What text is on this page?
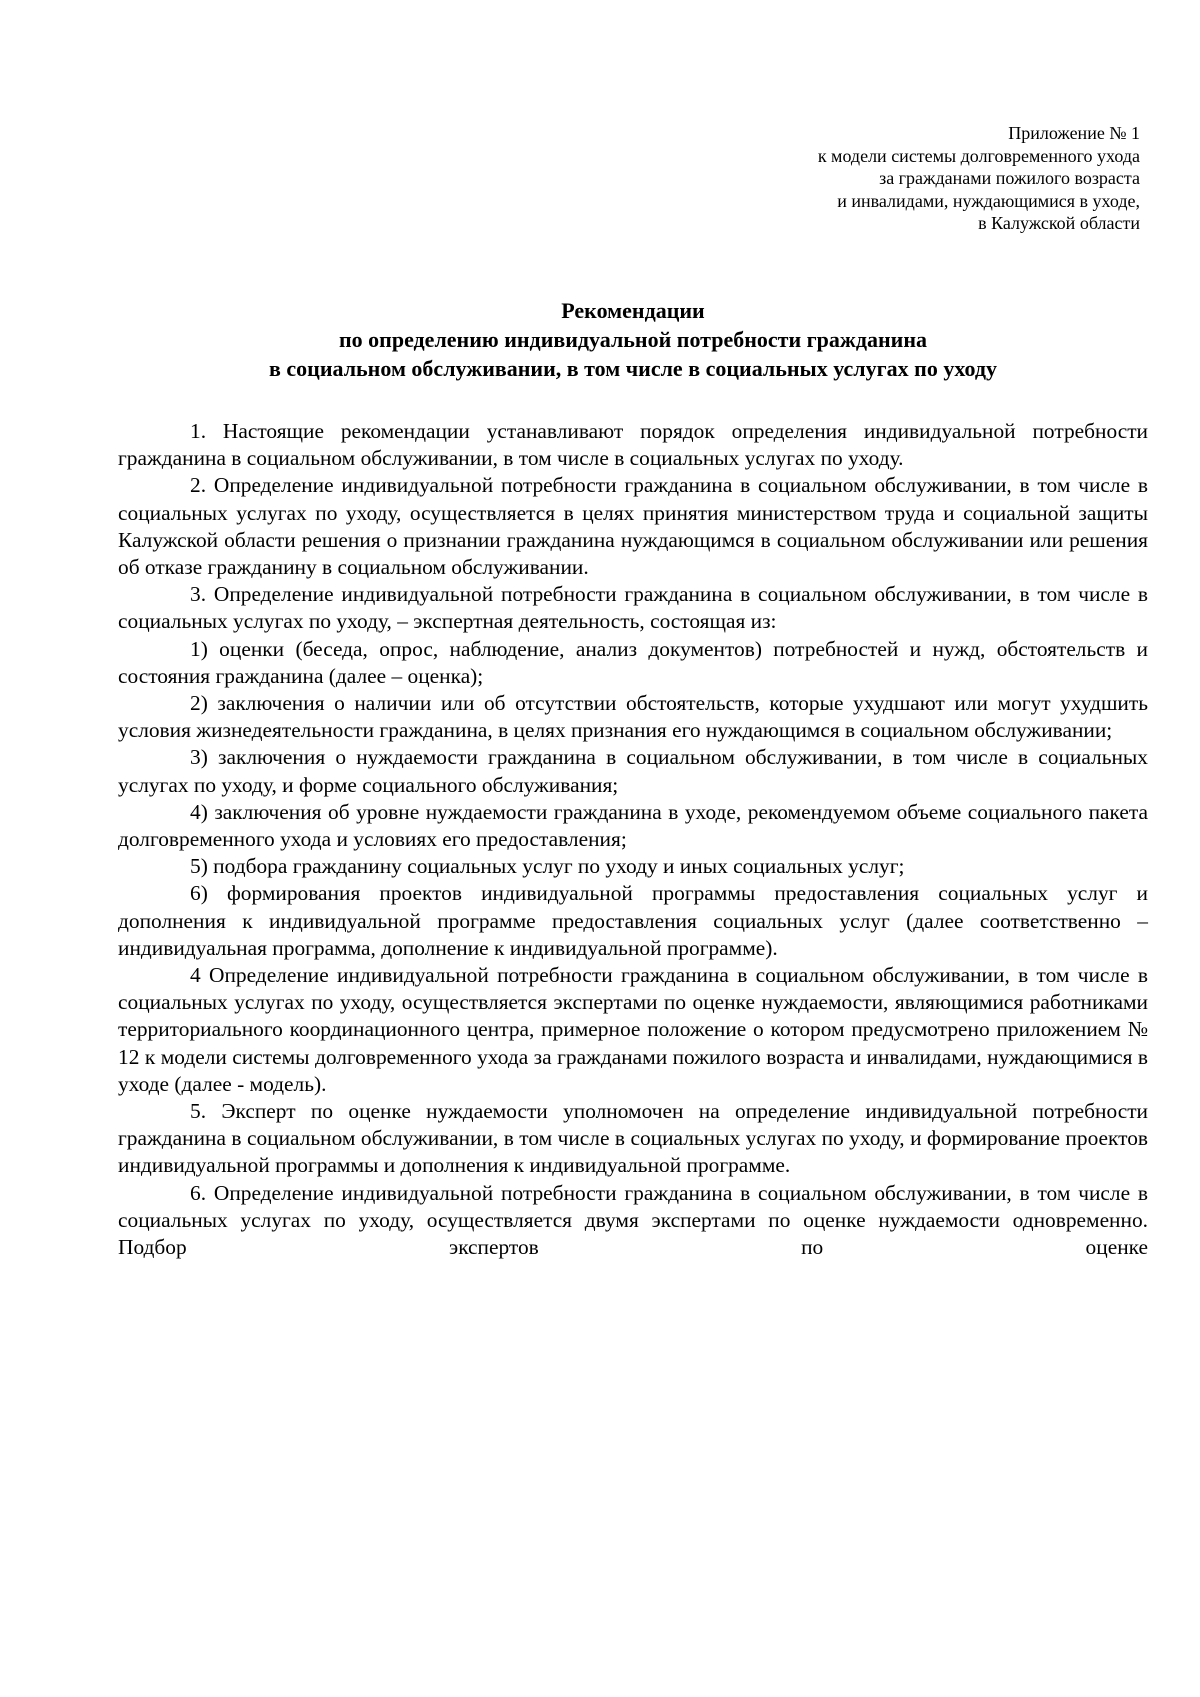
Приложение № 1
к модели системы долговременного ухода
за гражданами пожилого возраста
и инвалидами, нуждающимися в уходе,
в Калужской области
Рекомендации
по определению индивидуальной потребности гражданина
в социальном обслуживании, в том числе в социальных услугах по уходу

1. Настоящие рекомендации устанавливают порядок определения индивидуальной потребности гражданина в социальном обслуживании, в том числе в социальных услугах по уходу.

2. Определение индивидуальной потребности гражданина в социальном обслуживании, в том числе в социальных услугах по уходу, осуществляется в целях принятия министерством труда и социальной защиты Калужской области решения о признании гражданина нуждающимся в социальном обслуживании или решения об отказе гражданину в социальном обслуживании.

3. Определение индивидуальной потребности гражданина в социальном обслуживании, в том числе в социальных услугах по уходу, – экспертная деятельность, состоящая из:

1) оценки (беседа, опрос, наблюдение, анализ документов) потребностей и нужд, обстоятельств и состояния гражданина (далее – оценка);

2) заключения о наличии или об отсутствии обстоятельств, которые ухудшают или могут ухудшить условия жизнедеятельности гражданина, в целях признания его нуждающимся в социальном обслуживании;

3) заключения о нуждаемости гражданина в социальном обслуживании, в том числе в социальных услугах по уходу, и форме социального обслуживания;

4) заключения об уровне нуждаемости гражданина в уходе, рекомендуемом объеме социального пакета долговременного ухода и условиях его предоставления;

5) подбора гражданину социальных услуг по уходу и иных социальных услуг;

6) формирования проектов индивидуальной программы предоставления социальных услуг и дополнения к индивидуальной программе предоставления социальных услуг (далее соответственно – индивидуальная программа, дополнение к индивидуальной программе).

4 Определение индивидуальной потребности гражданина в социальном обслуживании, в том числе в социальных услугах по уходу, осуществляется экспертами по оценке нуждаемости, являющимися работниками территориального координационного центра, примерное положение о котором предусмотрено приложением № 12 к модели системы долговременного ухода за гражданами пожилого возраста и инвалидами, нуждающимися в уходе (далее - модель).

5. Эксперт по оценке нуждаемости уполномочен на определение индивидуальной потребности гражданина в социальном обслуживании, в том числе в социальных услугах по уходу, и формирование проектов индивидуальной программы и дополнения к индивидуальной программе.

6. Определение индивидуальной потребности гражданина в социальном обслуживании, в том числе в социальных услугах по уходу, осуществляется двумя экспертами по оценке нуждаемости одновременно. Подбор экспертов по оценке
